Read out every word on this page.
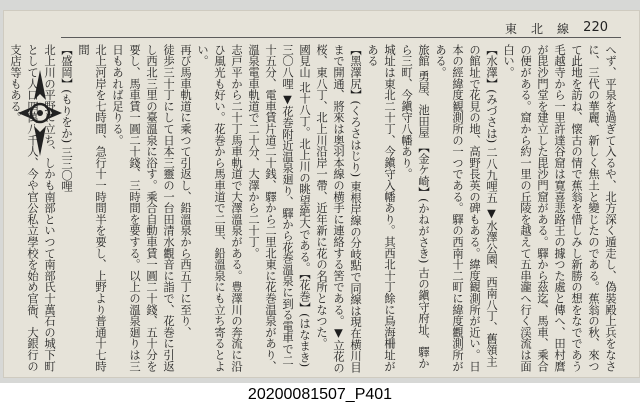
220
東北線
へず、平泉を過ぎて入るや、北方深く遁走し、偽裝殿上兵をなさに、三代の華麗、新しく焦土と變じたのである。蕉翁の秋、來つて此地を訪ね、懐古の情で蕉翁を惜しみし新勝の想をなでであう
毛越寺から一里許達谷窟は寛喜悲路王の據つた處と傳へ、田村麿が毘沙門堂を建立した毘沙門窟がある。驛から茲迄、馬車、乘合の便がある。窟から約一里の丘陵を越えて五串瀧へ行く渓流は面白い。
【水澤】(みづさは) 二八九哩五 ▼水澤公園、西南八丁、舊領主の館址で花見の地、高野長英の碑もある。緯度観測所が近い。日本の經緯度観測所の一つである。驛の西南十二町に緯度觀測所がある。
旅館 勇屋、池田屋 【金ケ崎】(かねがさき) 古の鎭守府址、驛から三町、今鎭守八幡あり。
城址は東北二十丁、今鎭守入幡あり。其西北十丁餘に鳥海柵址がある
【黑澤尻】(くろさはじり) 東根岸線の分岐點で同線は現在横川目まで開通、將來は奥羽本線の横手に連絡する筈である。▼立花の桜、東八丁、北上川沿岸一帶、近年新に花の名所となつた。
國見山 北十八丁。北上川の眺望絶大である。【花巻】(はなまき) 三〇八哩 ▼花巻附近温泉廻り、驛から花巻溫泉に到る電車で二十五分、電車賃片道二十銭、驛から二里北東に花巻温泉があり、溫泉電車軌道で二十分、大澤から二十丁。
志戸平から二十丁馬車軌道で大澤溫泉がある。豊澤川の奔流に沿ひ風光も好い。花巻から馬車道で二里、鉛溫泉にも立ち寄るとよい。
再び馬車軌道に乘つて引返し、鉛溫泉から西五丁に至り、
徒歩三十丁にして日本三靈の一台田清水觀音に詣で、花巻に引返し西北三里の臺溫泉に浴す。乘合自動車賃一圓二十錢、五十分を要し、馬車賃一圓二十錢、三時間を要する。以上の溫泉廻りは三日もあれば足りる。
北上河岸を七時間、急行十一時間半を要し、上野より普通十七時間
【盛岡】(もりをか) 三三〇哩
北上川の平野に立ち、しかも南部といつて南部氏十萬石の城下町として人口四萬八千人、今や官公私立學校を始め官衙、大銀行の支店等もある。
20200081507_P401
